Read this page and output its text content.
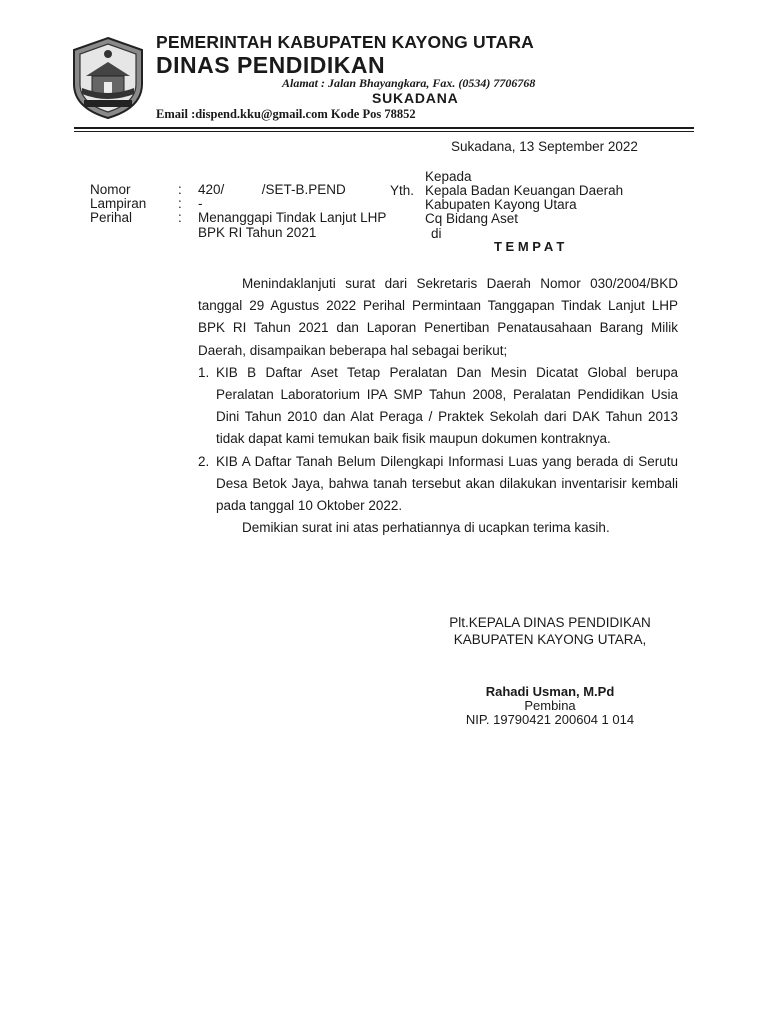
PEMERINTAH KABUPATEN KAYONG UTARA
DINAS PENDIDIKAN
Alamat : Jalan Bhayangkara, Fax. (0534) 7706768
SUKADANA
Email :dispend.kku@gmail.com Kode Pos 78852
Sukadana, 13 September 2022
Nomor	: 420/          /SET-B.PEND
Lampiran : -
Perihal	: Menanggapi Tindak Lanjut LHP
BPK RI Tahun 2021
Kepada
Yth. Kepala Badan Keuangan Daerah
Kabupaten Kayong Utara
Cq Bidang Aset
di
T E M P A T

Menindaklanjuti surat dari Sekretaris Daerah Nomor 030/2004/BKD tanggal 29 Agustus 2022 Perihal Permintaan Tanggapan Tindak Lanjut LHP BPK RI Tahun 2021 dan Laporan Penertiban Penatausahaan Barang Milik Daerah, disampaikan beberapa hal sebagai berikut;

1. KIB B Daftar Aset Tetap Peralatan Dan Mesin Dicatat Global berupa Peralatan Laboratorium IPA SMP Tahun 2008, Peralatan Pendidikan Usia Dini Tahun 2010 dan Alat Peraga / Praktek Sekolah dari DAK Tahun 2013 tidak dapat kami temukan baik fisik maupun dokumen kontraknya.
2. KIB A Daftar Tanah Belum Dilengkapi Informasi Luas yang berada di Serutu Desa Betok Jaya, bahwa tanah tersebut akan dilakukan inventarisir kembali pada tanggal 10 Oktober 2022.

Demikian surat ini atas perhatiannya di ucapkan terima kasih.

Plt.KEPALA DINAS PENDIDIKAN
KABUPATEN KAYONG UTARA,
Rahadi Usman, M.Pd
Pembina
NIP. 19790421 200604 1 014
